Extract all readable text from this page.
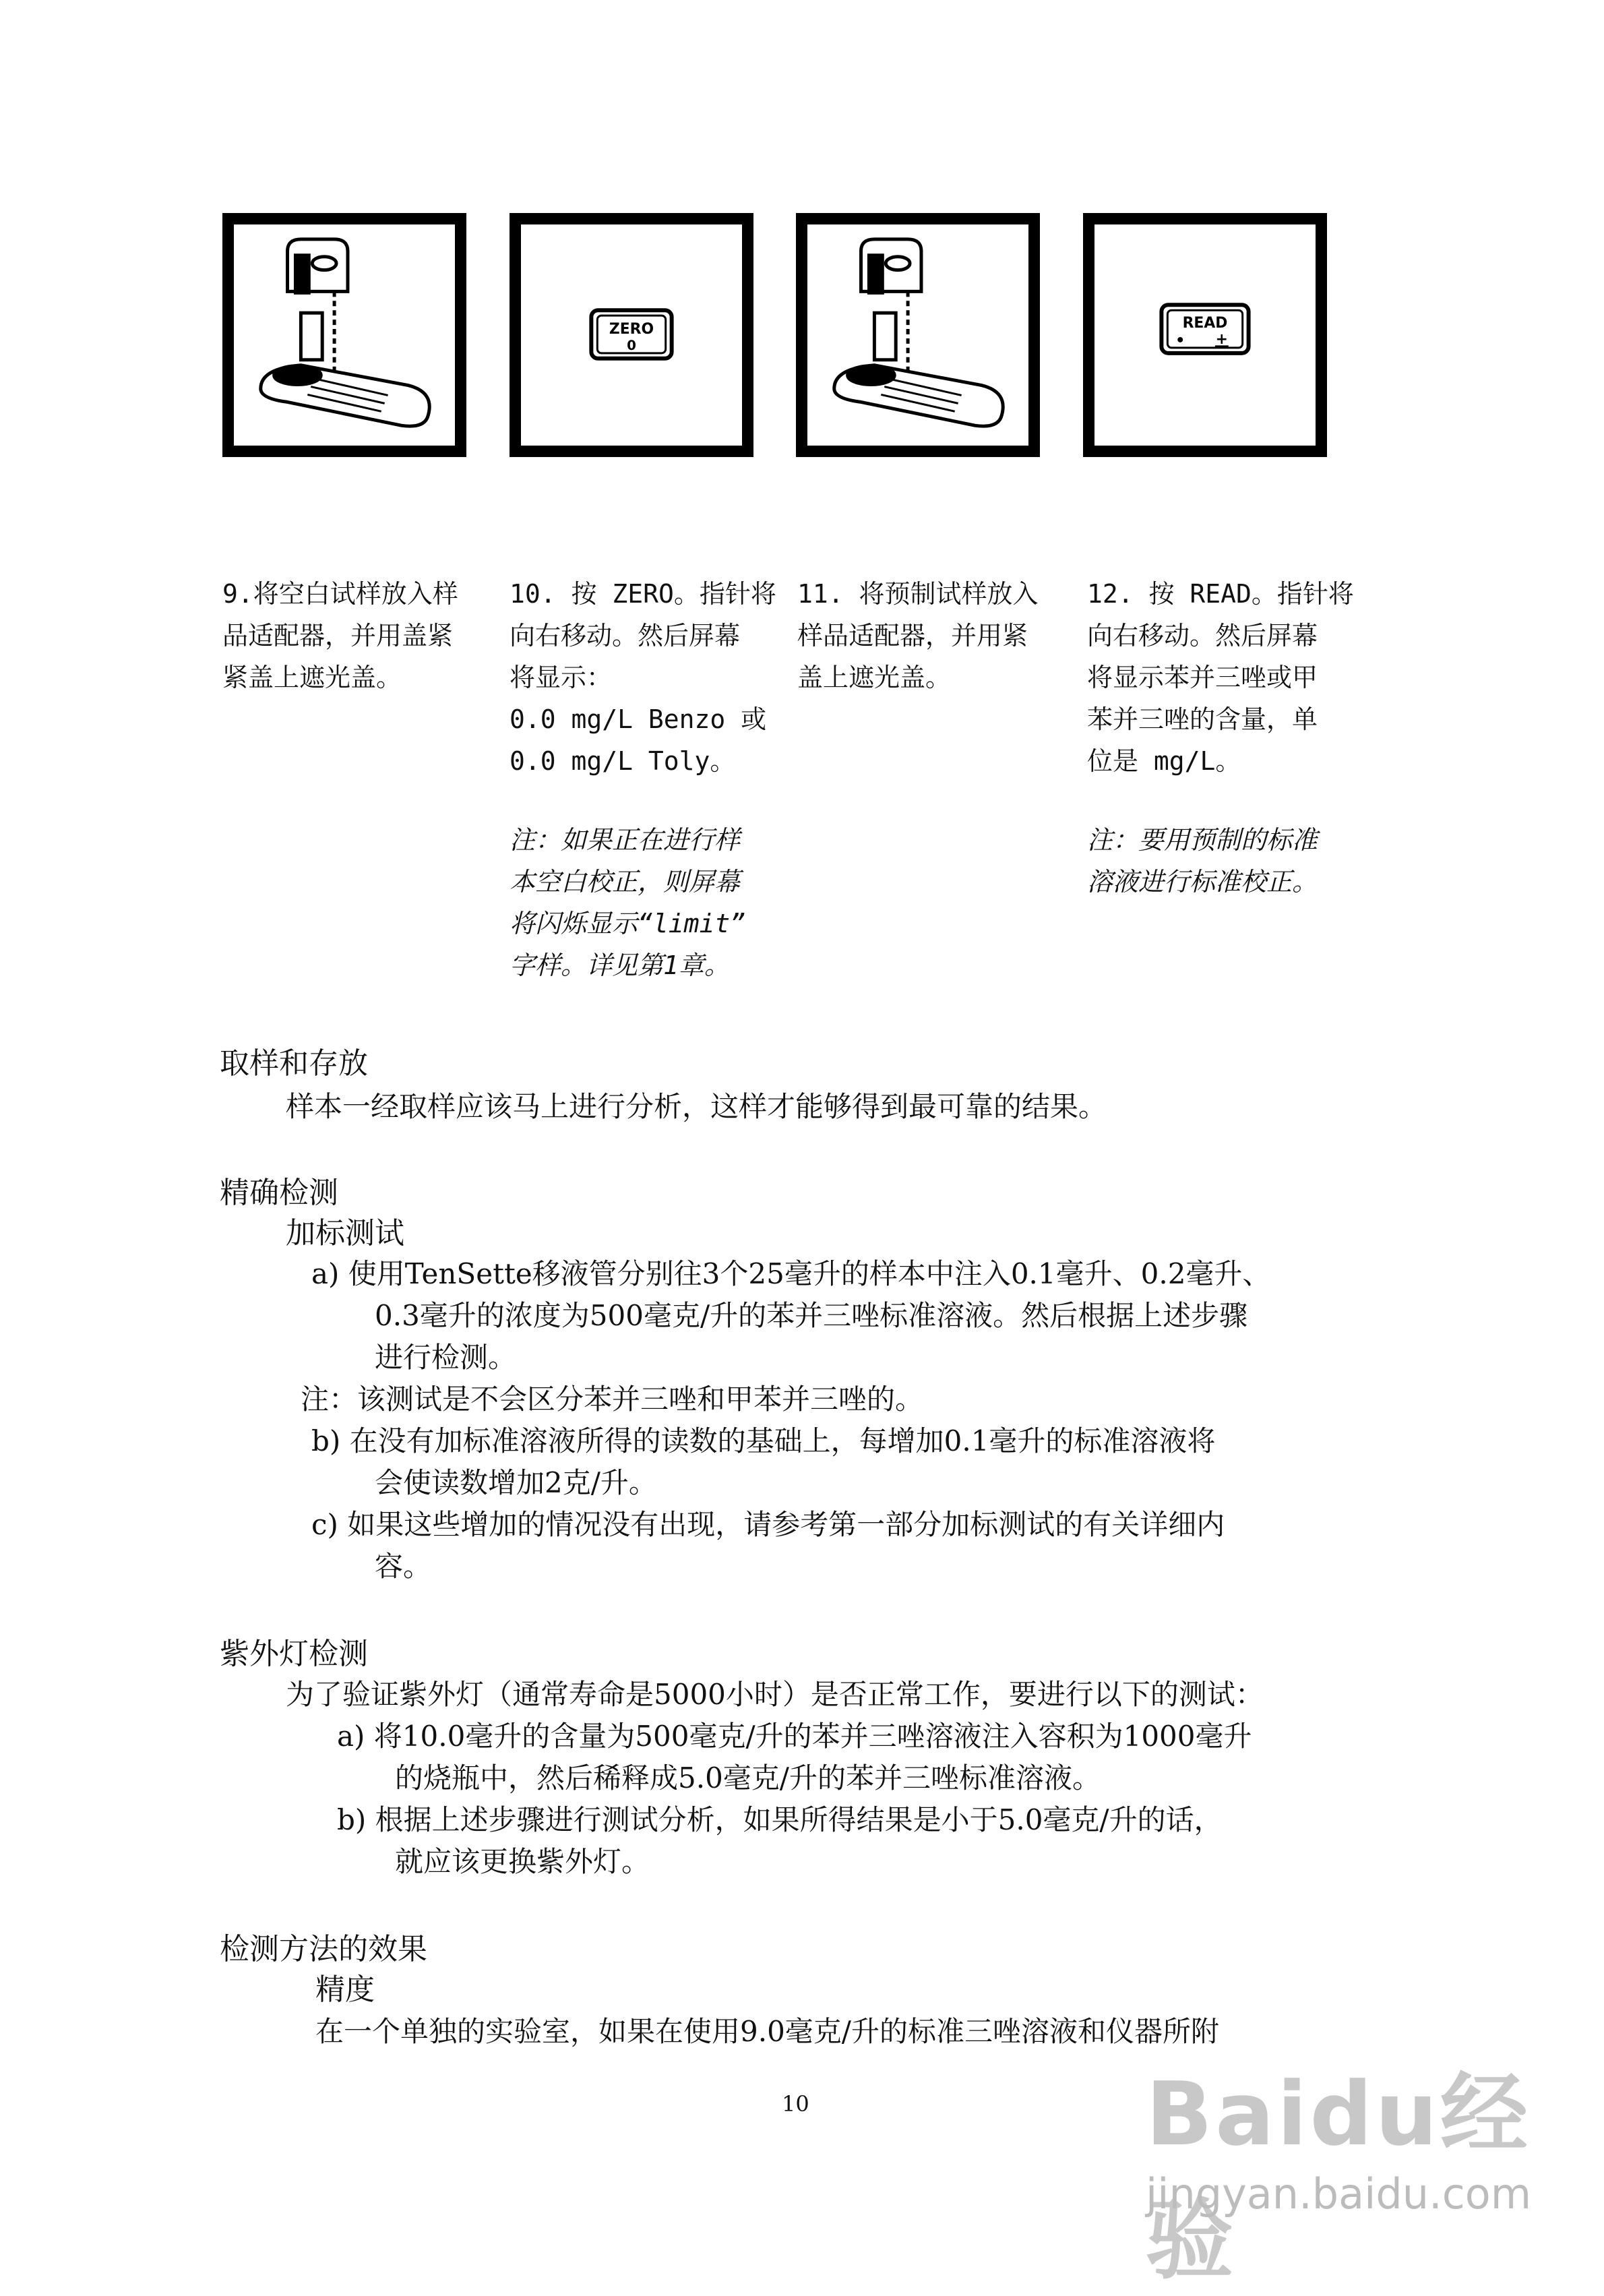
ZERO
0
READ
+

9.将空白试样放入样
品适配器，并用盖紧
紧盖上遮光盖。

10. 按 ZERO。指针将
向右移动。然后屏幕
将显示：
0.0 mg/L Benzo 或
0.0 mg/L Toly。

注：如果正在进行样
本空白校正，则屏幕
将闪烁显示“limit”
字样。详见第1章。

11. 将预制试样放入
样品适配器，并用紧
盖上遮光盖。

12. 按 READ。指针将
向右移动。然后屏幕
将显示苯并三唑或甲
苯并三唑的含量，单
位是 mg/L。

注：要用预制的标准
溶液进行标准校正。

取样和存放
样本一经取样应该马上进行分析，这样才能够得到最可靠的结果。
精确检测
加标测试
a) 使用TenSette移液管分别往3个25毫升的样本中注入0.1毫升、0.2毫升、
0.3毫升的浓度为500毫克/升的苯并三唑标准溶液。然后根据上述步骤
进行检测。
注：该测试是不会区分苯并三唑和甲苯并三唑的。
b) 在没有加标准溶液所得的读数的基础上，每增加0.1毫升的标准溶液将
会使读数增加2克/升。
c) 如果这些增加的情况没有出现，请参考第一部分加标测试的有关详细内
容。
紫外灯检测
为了验证紫外灯（通常寿命是5000小时）是否正常工作，要进行以下的测试：
a) 将10.0毫升的含量为500毫克/升的苯并三唑溶液注入容积为1000毫升
的烧瓶中，然后稀释成5.0毫克/升的苯并三唑标准溶液。
b) 根据上述步骤进行测试分析，如果所得结果是小于5.0毫克/升的话，
就应该更换紫外灯。
检测方法的效果
精度
在一个单独的实验室，如果在使用9.0毫克/升的标准三唑溶液和仪器所附
10	Baidu经验
jingyan.baidu.com
